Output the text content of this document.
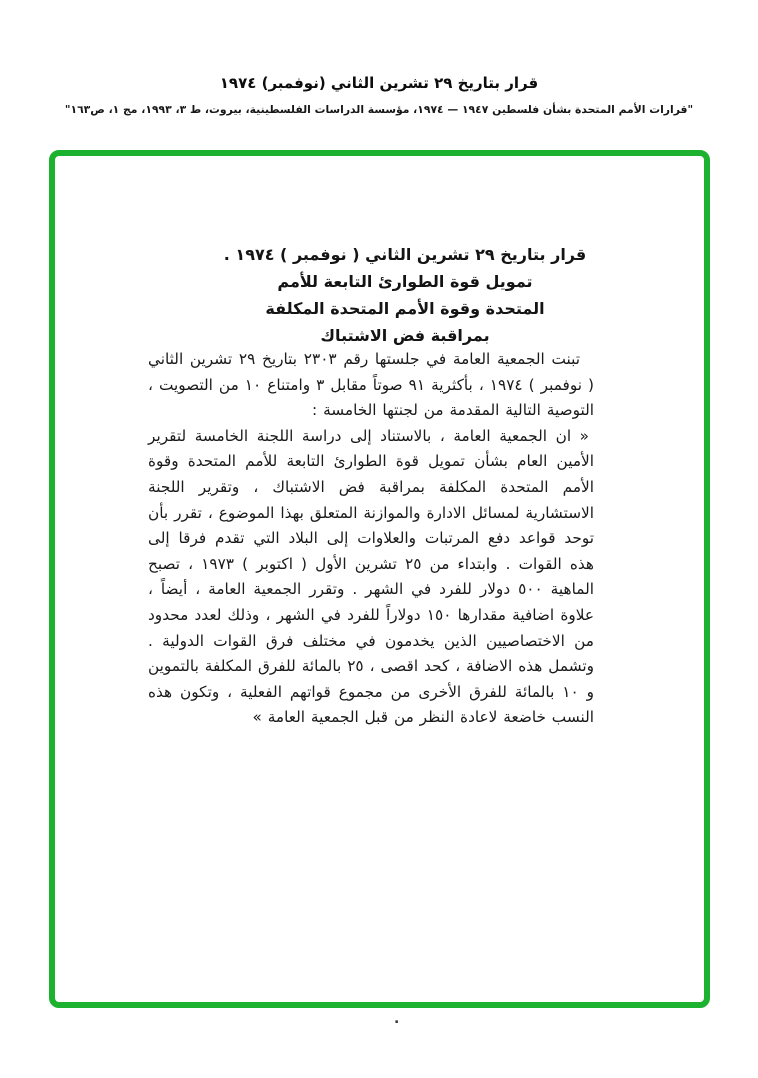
قرار بتاريخ ٢٩ تشرين الثاني (نوفمبر) ١٩٧٤
"قرارات الأمم المتحدة بشأن فلسطين ١٩٤٧ — ١٩٧٤، مؤسسة الدراسات الفلسطينية، بيروت، ط ٣، ١٩٩٣، مج ١، ص١٦٣"
قرار بتاريخ ٢٩ تشرين الثاني ( نوفمبر ) ١٩٧٤ .
تمويل قوة الطوارئ التابعة للأمم
المتحدة وقوة الأمم المتحدة المكلفة
بمراقبة فض الاشتباك

تبنت الجمعية العامة في جلستها رقم ٢٣٠٣ بتاريخ ٢٩ تشرين الثاني ( نوفمبر ) ١٩٧٤ ، بأكثرية ٩١ صوتاً مقابل ٣ وامتناع ١٠ من التصويت ، التوصية التالية المقدمة من لجنتها الخامسة :

« ان الجمعية العامة ، بالاستناد إلى دراسة اللجنة الخامسة لتقرير الأمين العام بشأن تمويل قوة الطوارئ التابعة للأمم المتحدة وقوة الأمم المتحدة المكلفة بمراقبة فض الاشتباك ، وتقرير اللجنة الاستشارية لمسائل الادارة والموازنة المتعلق بهذا الموضوع ، تقرر بأن توحد قواعد دفع المرتبات والعلاوات إلى البلاد التي تقدم فرقا إلى هذه القوات . وابتداء من ٢٥ تشرين الأول ( اكتوبر ) ١٩٧٣ ، تصبح الماهية ٥٠٠ دولار للفرد في الشهر . وتقرر الجمعية العامة ، أيضاً ، علاوة اضافية مقدارها ١٥٠ دولاراً للفرد في الشهر ، وذلك لعدد محدود من الاختصاصيين الذين يخدمون في مختلف فرق القوات الدولية . وتشمل هذه الاضافة ، كحد اقصى ، ٢٥ بالمائة للفرق المكلفة بالتموين و ١٠ بالمائة للفرق الأخرى من مجموع قواتهم الفعلية ، وتكون هذه النسب خاضعة لاعادة النظر من قبل الجمعية العامة »

.
